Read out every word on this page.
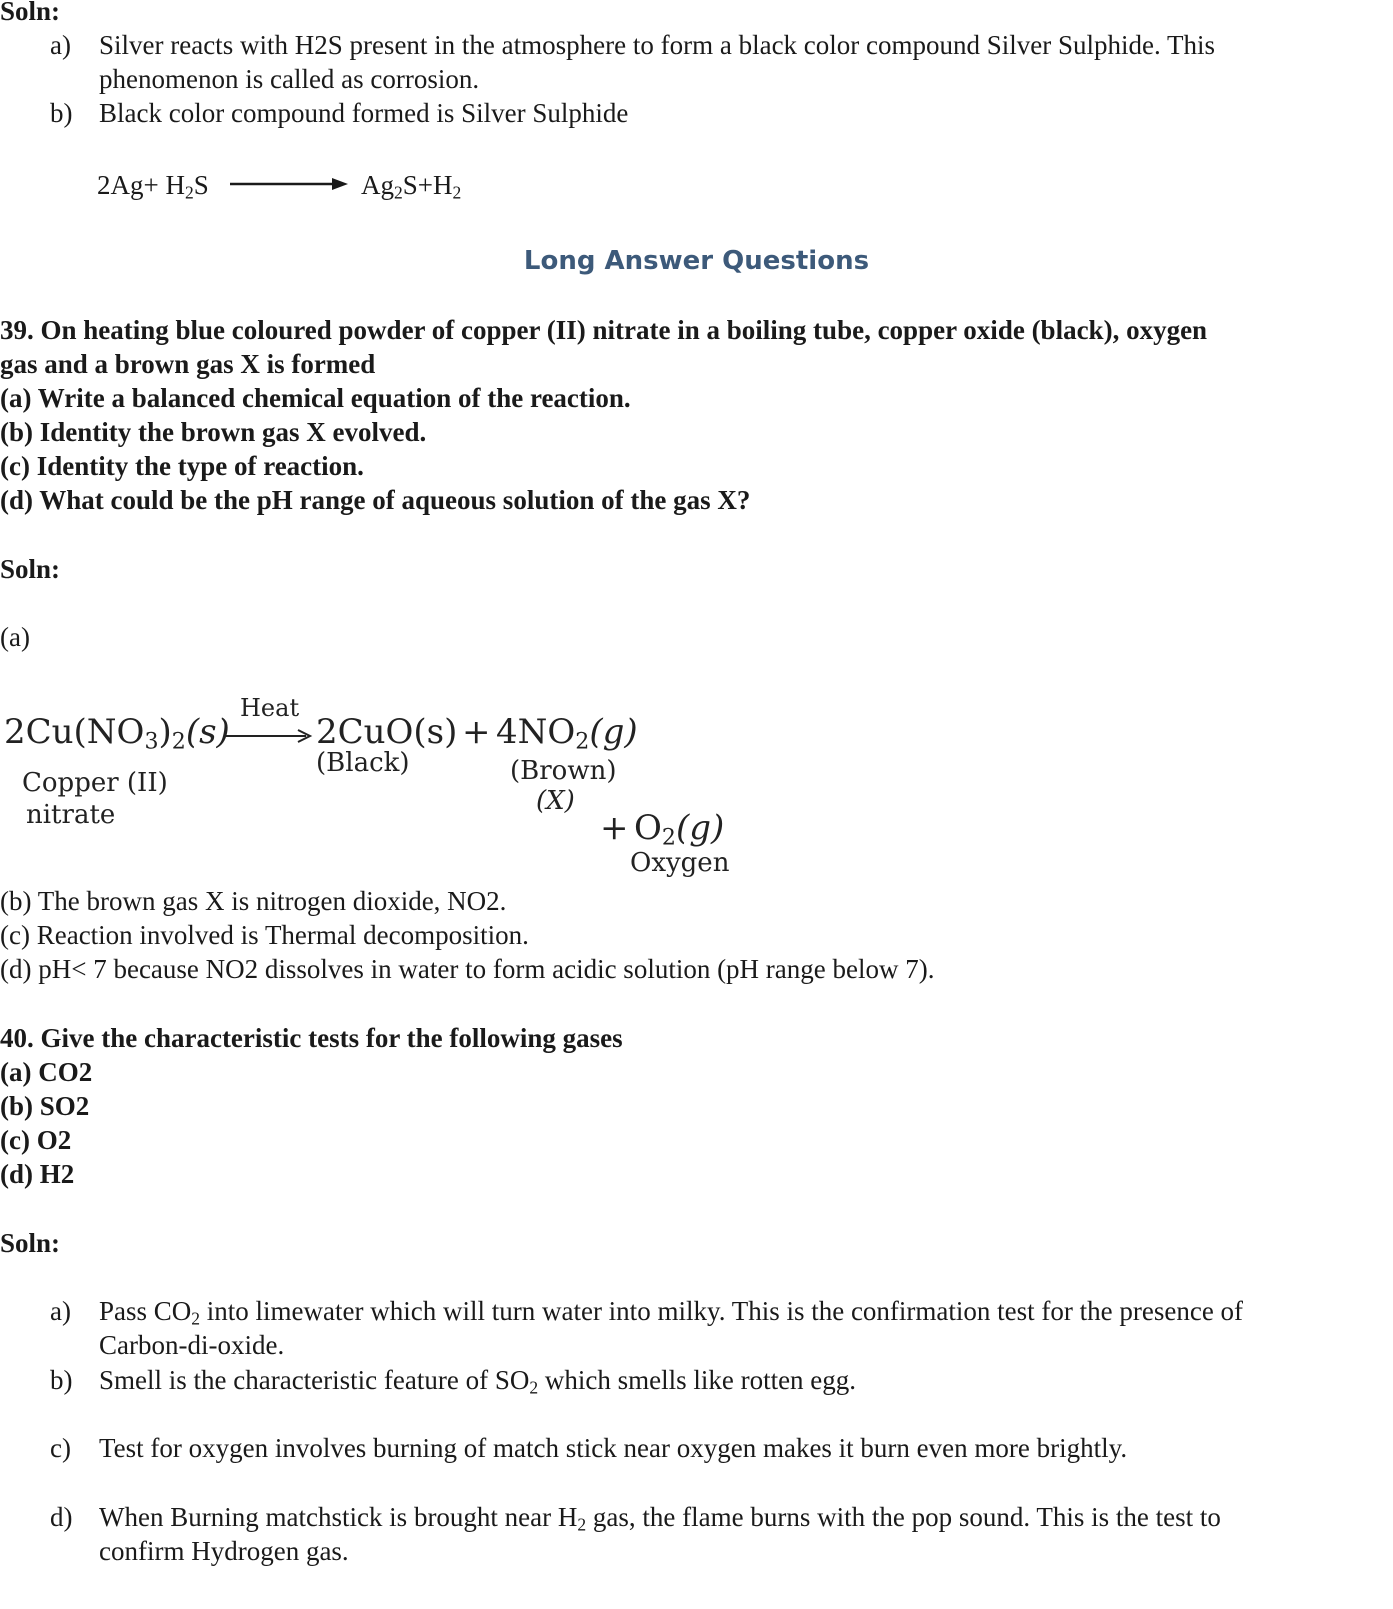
Soln:
a) Silver reacts with H2S present in the atmosphere to form a black color compound Silver Sulphide. This
phenomenon is called as corrosion.
b) Black color compound formed is Silver Sulphide
$2Ag+ H_2S$	$Ag_2S+H_2$
Long Answer Questions
39. On heating blue coloured powder of copper (II) nitrate in a boiling tube, copper oxide (black), oxygen
gas and a brown gas X is formed
(a) Write a balanced chemical equation of the reaction.
(b) Identity the brown gas X evolved.
(c) Identity the type of reaction.
(d) What could be the pH range of aqueous solution of the gas X?
Soln:
(a)
$2Cu(NO_3)_2(s)$
Heat
$2CuO(s) + 4NO_2(g)$
Copper (II)
nitrate
(Black)	(Brown)
(X)
+ $O_2(g)$
Oxygen
(b) The brown gas X is nitrogen dioxide, NO2.
(c) Reaction involved is Thermal decomposition.
(d) pH< 7 because NO2 dissolves in water to form acidic solution (pH range below 7).
40. Give the characteristic tests for the following gases
(a) CO2
(b) SO2
(c) O2
(d) H2
Soln:
a) Pass $CO_2$ into limewater which will turn water into milky. This is the confirmation test for the presence of
Carbon-di-oxide.
b) Smell is the characteristic feature of $SO_2$ which smells like rotten egg.
c) Test for oxygen involves burning of match stick near oxygen makes it burn even more brightly.
d) When Burning matchstick is brought near $H_2$ gas, the flame burns with the pop sound. This is the test to
confirm Hydrogen gas.
